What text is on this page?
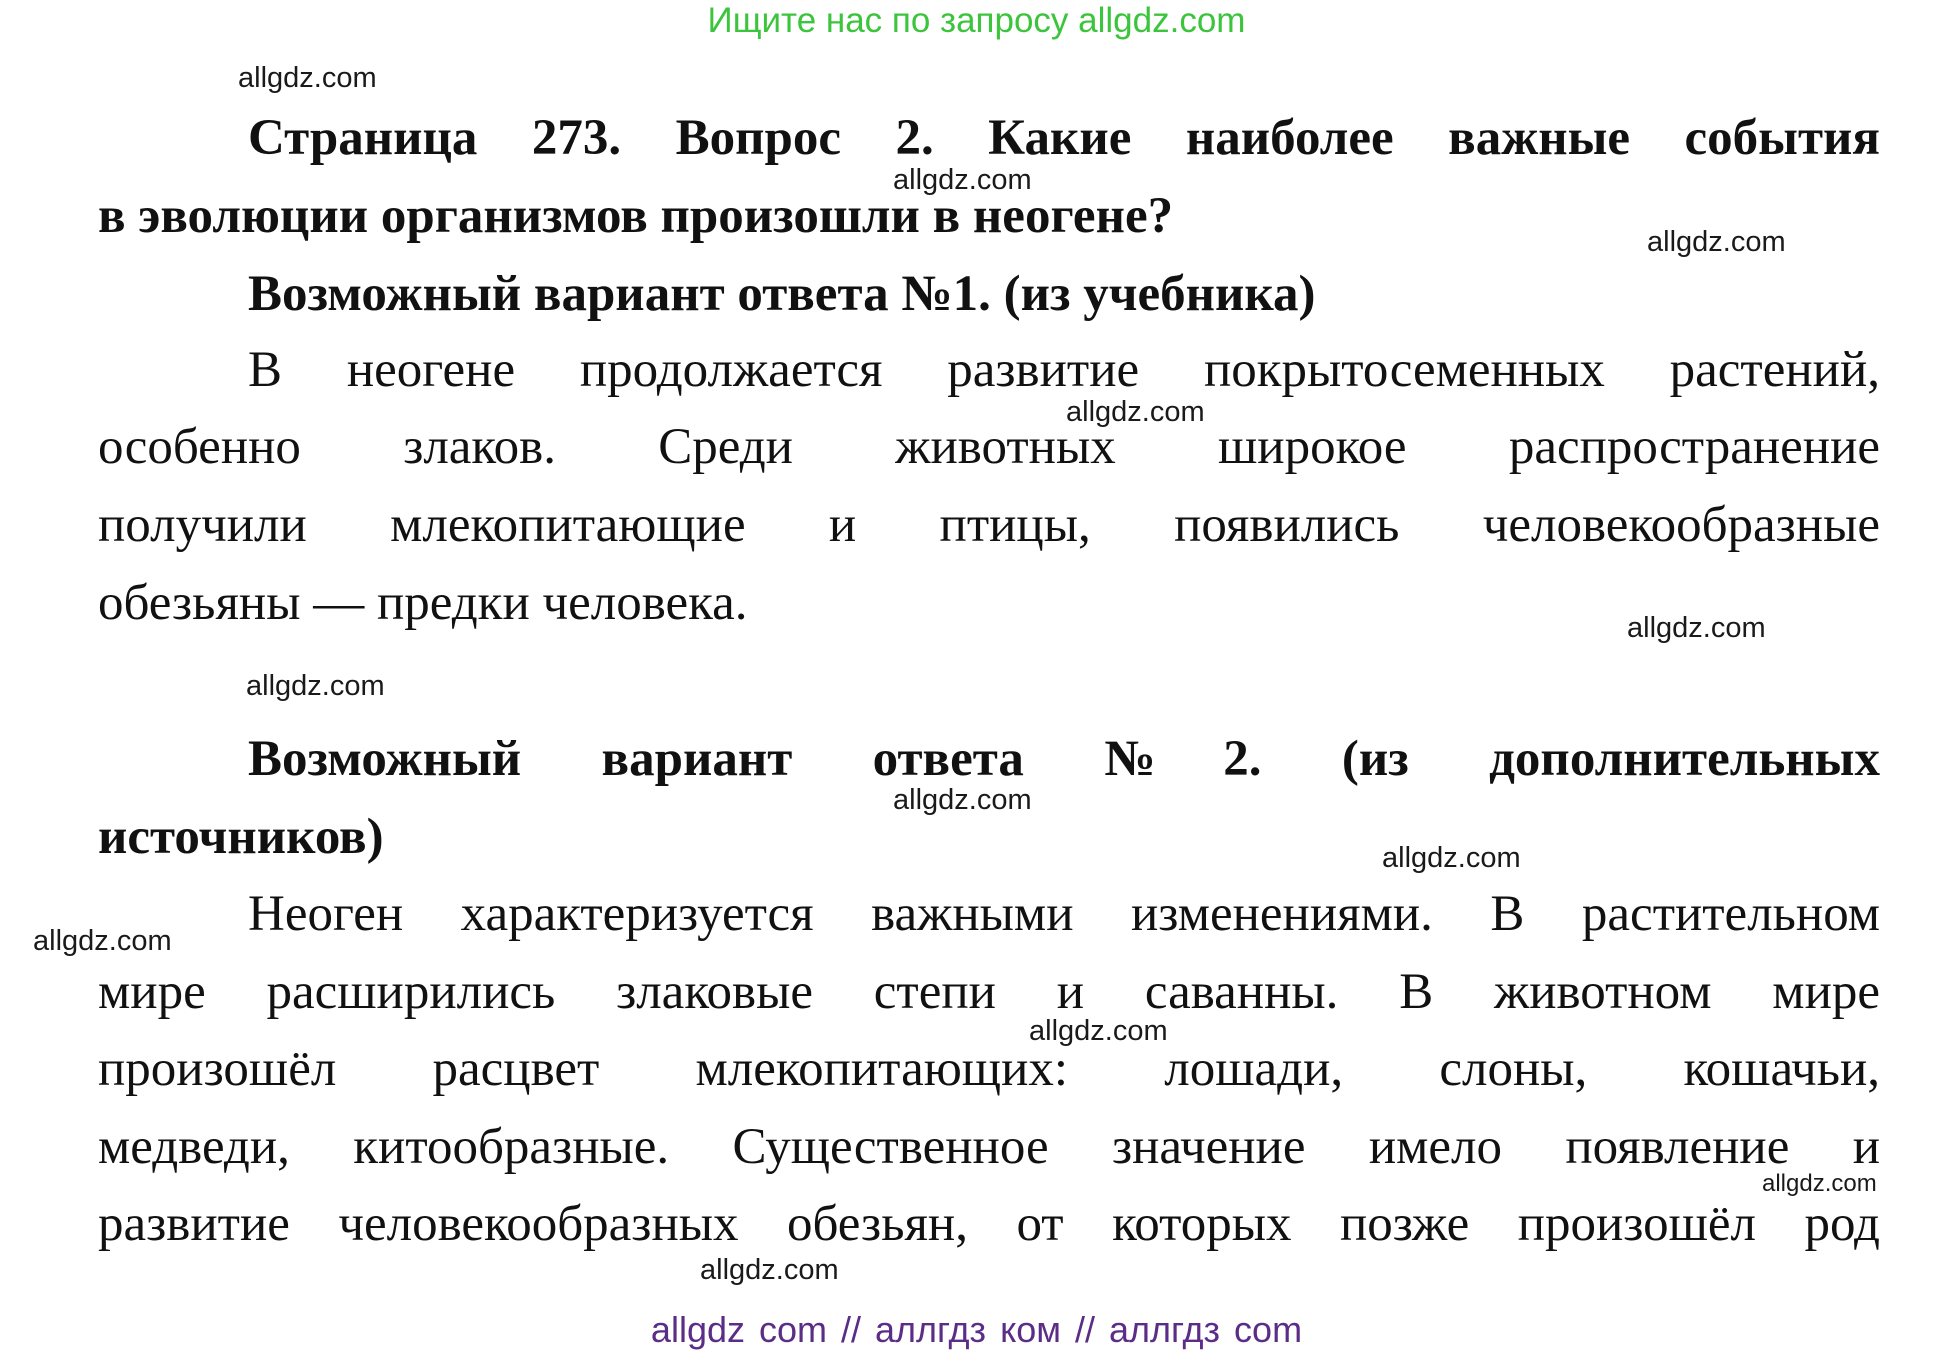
Ищите нас по запросу allgdz.com
allgdz.com
allgdz.com
allgdz.com
allgdz.com
allgdz.com
allgdz.com
allgdz.com
allgdz.com
allgdz.com
allgdz.com
allgdz.com
allgdz.com
Страница 273. Вопрос 2. Какие наиболее важные события
в эволюции организмов произошли в неогене?
Возможный вариант ответа №1. (из учебника)
В неогене продолжается развитие покрытосеменных растений,
особенно злаков. Среди животных широкое распространение
получили млекопитающие и птицы, появились человекообразные
обезьяны — предки человека.
Возможный вариант ответа №2. (из дополнительных
источников)
Неоген характеризуется важными изменениями. В растительном
мире расширились злаковые степи и саванны. В животном мире
произошёл расцвет млекопитающих: лошади, слоны, кошачьи,
медведи, китообразные. Существенное значение имело появление и
развитие человекообразных обезьян, от которых позже произошёл род
allgdz com // аллгдз ком // аллгдз com
